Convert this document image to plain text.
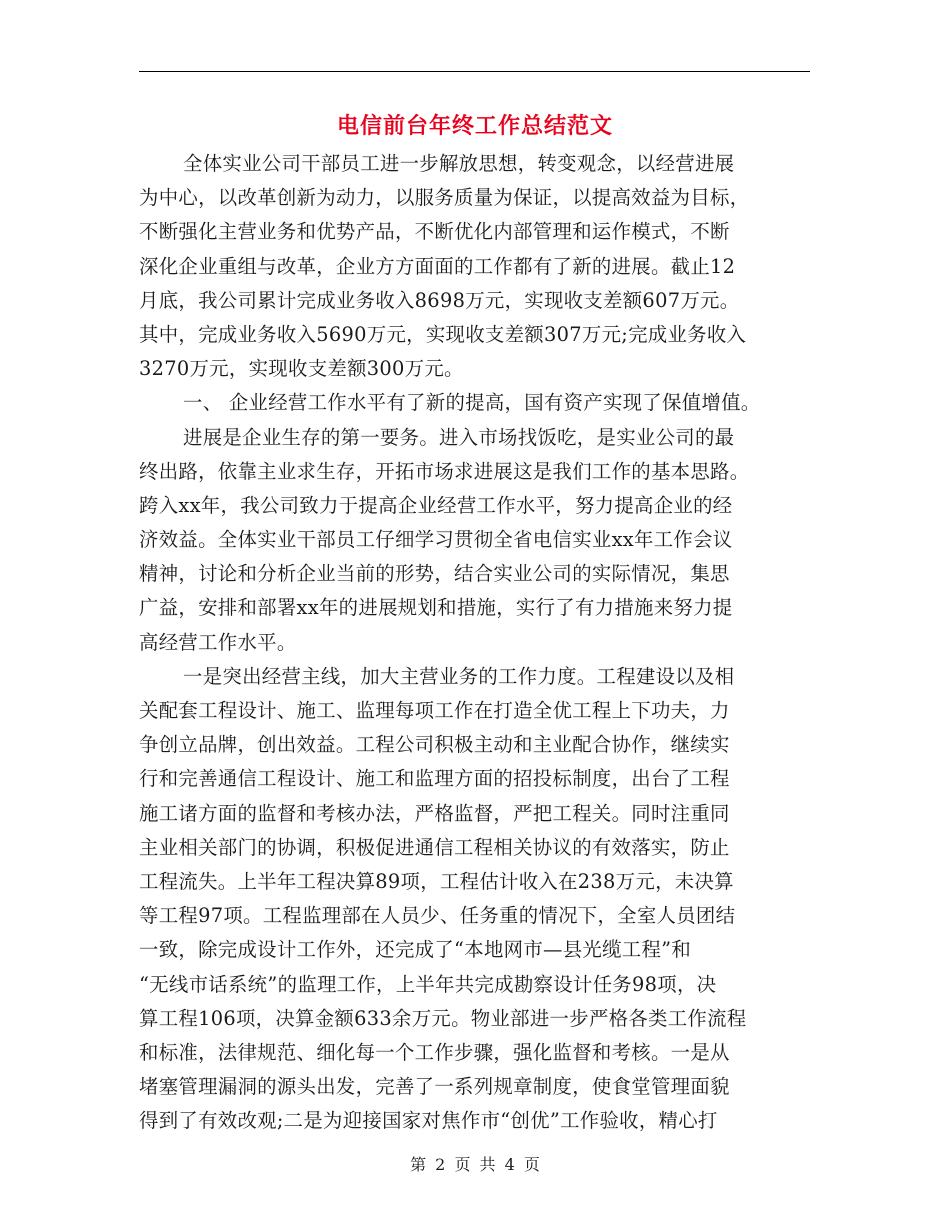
电信前台年终工作总结范文
全体实业公司干部员工进一步解放思想，转变观念，以经营进展
为中心，以改革创新为动力，以服务质量为保证，以提高效益为目标，
不断强化主营业务和优势产品，不断优化内部管理和运作模式，不断
深化企业重组与改革，企业方方面面的工作都有了新的进展。截止12
月底，我公司累计完成业务收入8698万元，实现收支差额607万元。
其中，完成业务收入5690万元，实现收支差额307万元;完成业务收入
3270万元，实现收支差额300万元。
一、 企业经营工作水平有了新的提高，国有资产实现了保值增值。
进展是企业生存的第一要务。进入市场找饭吃，是实业公司的最
终出路，依靠主业求生存，开拓市场求进展这是我们工作的基本思路。
跨入xx年，我公司致力于提高企业经营工作水平，努力提高企业的经
济效益。全体实业干部员工仔细学习贯彻全省电信实业xx年工作会议
精神，讨论和分析企业当前的形势，结合实业公司的实际情况，集思
广益，安排和部署xx年的进展规划和措施，实行了有力措施来努力提
高经营工作水平。
一是突出经营主线，加大主营业务的工作力度。工程建设以及相
关配套工程设计、施工、监理每项工作在打造全优工程上下功夫，力
争创立品牌，创出效益。工程公司积极主动和主业配合协作，继续实
行和完善通信工程设计、施工和监理方面的招投标制度，出台了工程
施工诸方面的监督和考核办法，严格监督，严把工程关。同时注重同
主业相关部门的协调，积极促进通信工程相关协议的有效落实，防止
工程流失。上半年工程决算89项，工程估计收入在238万元，未决算
等工程97项。工程监理部在人员少、任务重的情况下，全室人员团结
一致，除完成设计工作外，还完成了“本地网市—县光缆工程”和
“无线市话系统”的监理工作，上半年共完成勘察设计任务98项，决
算工程106项，决算金额633余万元。物业部进一步严格各类工作流程
和标准，法律规范、细化每一个工作步骤，强化监督和考核。一是从
堵塞管理漏洞的源头出发，完善了一系列规章制度，使食堂管理面貌
得到了有效改观;二是为迎接国家对焦作市“创优”工作验收，精心打
第 2 页 共 4 页
